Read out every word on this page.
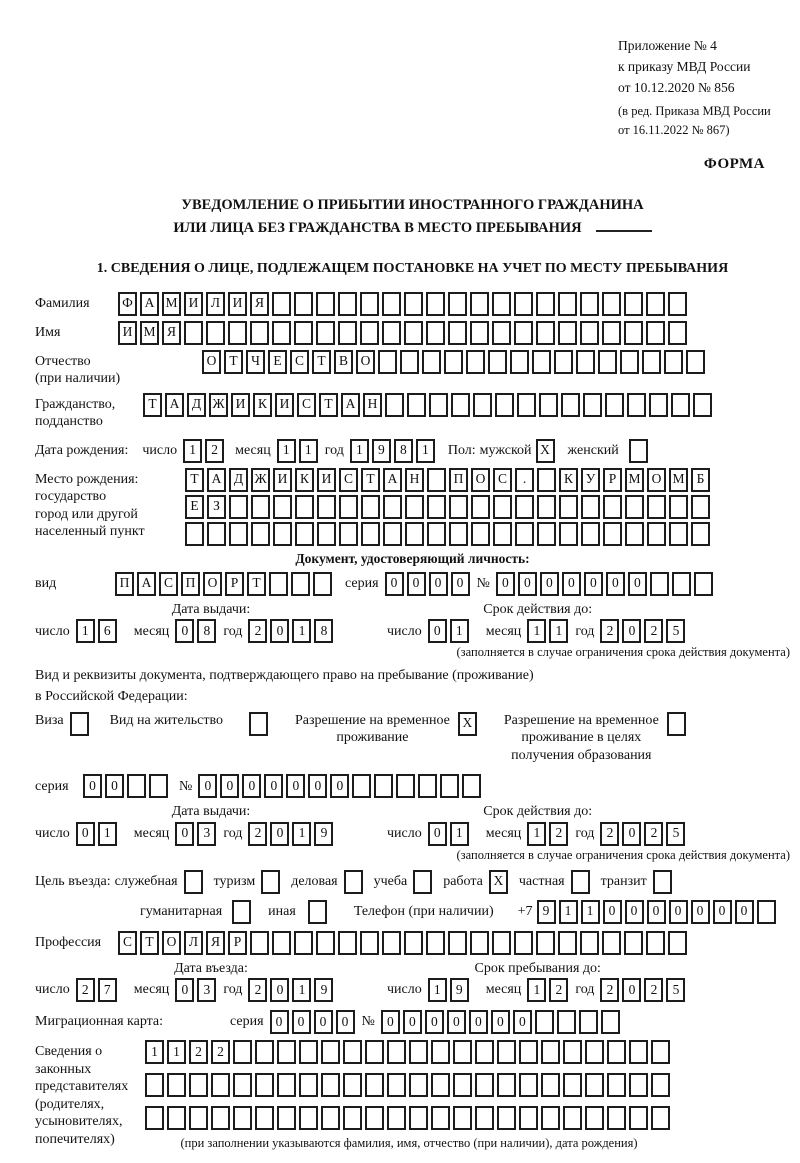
Приложение № 4
к приказу МВД России
от 10.12.2020 № 856
(в ред. Приказа МВД России
от 16.11.2022 № 867)
ФОРМА
УВЕДОМЛЕНИЕ О ПРИБЫТИИ ИНОСТРАННОГО ГРАЖДАНИНА
ИЛИ ЛИЦА БЕЗ ГРАЖДАНСТВА В МЕСТО ПРЕБЫВАНИЯ
1. СВЕДЕНИЯ О ЛИЦЕ, ПОДЛЕЖАЩЕМ ПОСТАНОВКЕ НА УЧЕТ ПО МЕСТУ ПРЕБЫВАНИЯ
Фамилия	Ф А М И Л И Я
Имя	И М Я
Отчество
(при наличии)
О Т Ч Е С Т В О
Гражданство,
подданство
Т А Д Ж И К И С Т А Н
Дата рождения: число 1	2	месяц 1	1 год 1	9	8	1	Пол: мужской X	женский
Место рождения:
государство
город или другой
населенный пункт
Т А Д Ж И К И С Т А Н	П О С	.	К У Р М О М Б
Е	З
Документ, удостоверяющий личность:
вид	П А С П О Р	Т	серия 0	0	0	0 № 0	0	0	0	0	0	0
Дата выдачи:
число 1	6	месяц 0	8 год 2	0	1	8
Срок действия до:
число 0	1	месяц 1	1 год 2	0	2	5
(заполняется в случае ограничения срока действия документа)
Вид и реквизиты документа, подтверждающего право на пребывание (проживание)
в Российской Федерации:
Виза	Вид на жительство	Разрешение на временное
проживание
X	Разрешение на временное
проживание в целях
получения образования
серия	0	0	№ 0	0	0	0	0	0	0
Дата выдачи:
число 0	1	месяц 0	3 год 2	0	1	9
Срок действия до:
число 0	1	месяц 1	2 год 2	0	2	5
(заполняется в случае ограничения срока действия документа)
Цель въезда: служебная	туризм	деловая	учеба	работа X	частная	транзит
гуманитарная	иная	Телефон (при наличии) +7 9	1	1	0	0	0	0	0	0	0
Профессия	С Т О Л Я	Р
Дата въезда:
число 2	7	месяц 0	3 год 2	0	1	9
Срок пребывания до:
число 1	9	месяц 1	2 год 2	0	2	5
Миграционная карта:	серия 0	0	0	0 № 0	0	0	0	0	0	0
Сведения о
законных
представителях
(родителях,
усыновителях,
попечителях)
1	1	2	2
(при заполнении указываются фамилия, имя, отчество (при наличии), дата рождения)
